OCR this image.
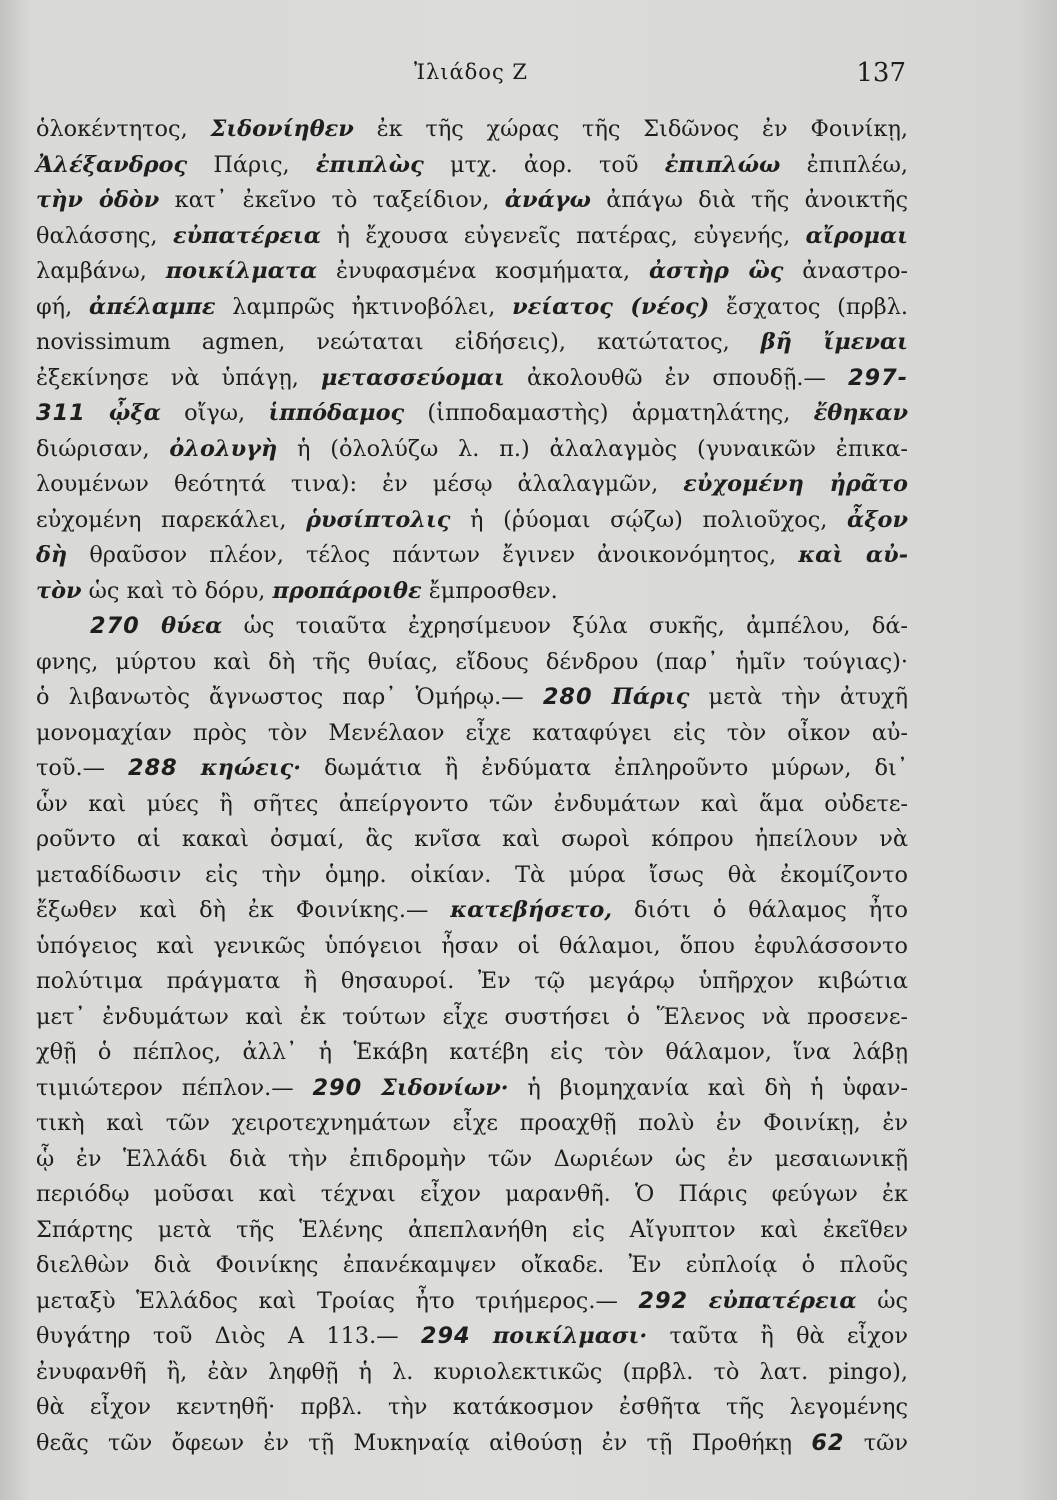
Ἰλιάδος Ζ	137
ὁλοκέντητος, Σιδονίηθεν ἐκ τῆς χώρας τῆς Σιδῶνος ἐν Φοινίκῃ,
Ἀλέξανδρος Πάρις, ἐπιπλὼς μτχ. ἀορ. τοῦ ἐπιπλώω ἐπιπλέω,
τὴν ὁδὸν κατ᾽ ἐκεῖνο τὸ ταξείδιον, ἀνάγω ἀπάγω διὰ τῆς ἀνοικτῆς
θαλάσσης, εὐπατέρεια ἡ ἔχουσα εὐγενεῖς πατέρας, εὐγενής, αἴρομαι
λαμβάνω, ποικίλματα ἐνυφασμένα κοσμήματα, ἀστὴρ ὣς ἀναστρο-
φή, ἀπέλαμπε λαμπρῶς ἠκτινοβόλει, νείατος (νέος) ἔσχατος (πρβλ.
novissimum agmen, νεώταται εἰδήσεις), κατώτατος, βῆ ἴμεναι
ἐξεκίνησε νὰ ὑπάγῃ, μετασσεύομαι ἀκολουθῶ ἐν σπουδῇ.— 297-
311 ᾦξα οἴγω, ἱππόδαμος (ἱπποδαμαστὴς) ἁρματηλάτης, ἔθηκαν
διώρισαν, ὀλολυγὴ ἡ (ὀλολύζω λ. π.) ἀλαλαγμὸς (γυναικῶν ἐπικα-
λουμένων θεότητά τινα): ἐν μέσῳ ἀλαλαγμῶν, εὐχομένη ἠρᾶτο
εὐχομένη παρεκάλει, ῥυσίπτολις ἡ (ῥύομαι σῴζω) πολιοῦχος, ἆξον
δὴ θραῦσον πλέον, τέλος πάντων ἔγινεν ἀνοικονόμητος, καὶ αὐ-
τὸν ὡς καὶ τὸ δόρυ, προπάροιθε ἔμπροσθεν.
270 θύεα ὡς τοιαῦτα ἐχρησίμευον ξύλα συκῆς, ἀμπέλου, δά-
φνης, μύρτου καὶ δὴ τῆς θυίας, εἴδους δένδρου (παρ᾽ ἡμῖν τούγιας)·
ὁ λιβανωτὸς ἄγνωστος παρ᾽ Ὁμήρῳ.— 280 Πάρις μετὰ τὴν ἀτυχῆ
μονομαχίαν πρὸς τὸν Μενέλαον εἶχε καταφύγει εἰς τὸν οἶκον αὐ-
τοῦ.— 288 κηώεις· δωμάτια ἢ ἐνδύματα ἐπληροῦντο μύρων, δι᾽
ὧν καὶ μύες ἢ σῆτες ἀπείργοντο τῶν ἐνδυμάτων καὶ ἅμα οὐδετε-
ροῦντο αἱ κακαὶ ὀσμαί, ἃς κνῖσα καὶ σωροὶ κόπρου ἠπείλουν νὰ
μεταδίδωσιν εἰς τὴν ὁμηρ. οἰκίαν. Τὰ μύρα ἴσως θὰ ἐκομίζοντο
ἔξωθεν καὶ δὴ ἐκ Φοινίκης.— κατεβήσετο, διότι ὁ θάλαμος ἦτο
ὑπόγειος καὶ γενικῶς ὑπόγειοι ἦσαν οἱ θάλαμοι, ὅπου ἐφυλάσσοντο
πολύτιμα πράγματα ἢ θησαυροί. Ἐν τῷ μεγάρῳ ὑπῆρχον κιβώτια
μετ᾽ ἐνδυμάτων καὶ ἐκ τούτων εἶχε συστήσει ὁ Ἕλενος νὰ προσενε-
χθῇ ὁ πέπλος, ἀλλ᾽ ἡ Ἑκάβη κατέβη εἰς τὸν θάλαμον, ἵνα λάβῃ
τιμιώτερον πέπλον.— 290 Σιδονίων· ἡ βιομηχανία καὶ δὴ ἡ ὑφαν-
τικὴ καὶ τῶν χειροτεχνημάτων εἶχε προαχθῇ πολὺ ἐν Φοινίκῃ, ἐν
ᾧ ἐν Ἑλλάδι διὰ τὴν ἐπιδρομὴν τῶν Δωριέων ὡς ἐν μεσαιωνικῇ
περιόδῳ μοῦσαι καὶ τέχναι εἶχον μαρανθῆ. Ὁ Πάρις φεύγων ἐκ
Σπάρτης μετὰ τῆς Ἑλένης ἀπεπλανήθη εἰς Αἴγυπτον καὶ ἐκεῖθεν
διελθὼν διὰ Φοινίκης ἐπανέκαμψεν οἴκαδε. Ἐν εὐπλοίᾳ ὁ πλοῦς
μεταξὺ Ἑλλάδος καὶ Τροίας ἦτο τριήμερος.— 292 εὐπατέρεια ὡς
θυγάτηρ τοῦ Διὸς Α 113.— 294 ποικίλμασι· ταῦτα ἢ θὰ εἶχον
ἐνυφανθῆ ἢ, ἐὰν ληφθῇ ἡ λ. κυριολεκτικῶς (πρβλ. τὸ λατ. pingo),
θὰ εἶχον κεντηθῆ· πρβλ. τὴν κατάκοσμον ἐσθῆτα τῆς λεγομένης
θεᾶς τῶν ὄφεων ἐν τῇ Μυκηναίᾳ αἰθούσῃ ἐν τῇ Προθήκῃ 62 τῶν
